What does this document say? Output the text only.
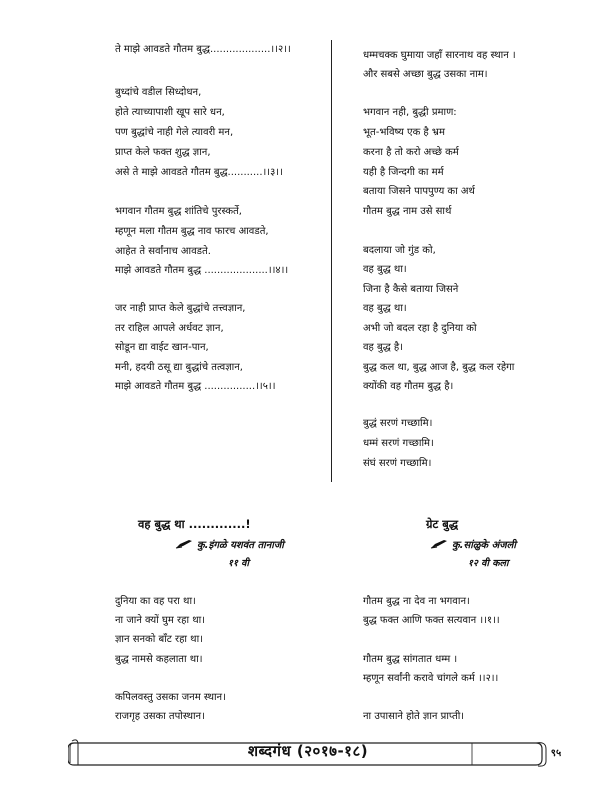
ते माझे आवडते गौतम बुद्ध...................।।२।।
बुध्दांचे वडील सिध्दोधन,
होते त्याच्यापाशी खूप सारे धन,
पण बुद्धांचे नाही गेले त्यावरी मन,
प्राप्त केले फक्त शुद्ध ज्ञान,
असे ते माझे आवडते गौतम बुद्ध...........।।३।।
भगवान गौतम बुद्ध शांतिचे पुरस्कर्ते,
म्हणून मला गौतम बुद्ध नाव फारच आवडते,
आहेत ते सर्वांनाच आवडते.
माझे आवडते गौतम बुद्ध ....................।।४।।
जर नाही प्राप्त केले बुद्धांचे तत्त्वज्ञान,
तर राहिल आपले अर्धवट ज्ञान,
सोडून द्या वाईट खान-पान,
मनी, हदयी ठसू द्या बुद्धांचे तत्वज्ञान,
माझे आवडते गौतम बुद्ध ................।।५।।
धम्मचक्क घुमाया जहाँ सारनाथ वह स्थान ।
और सबसे अच्छा बुद्ध उसका नाम।
भगवान नही, बुद्धी प्रमाण:
भूत-भविष्य एक है भ्रम
करना है तो करो अच्छे कर्म
यही है जिन्दगी का मर्म
बताया जिसने पापपुण्य का अर्थ
गौतम बुद्ध नाम उसे सार्थ
बदलाया जो गुंड को,
वह बुद्ध था।
जिना है कैसे बताया जिसने
वह बुद्ध था।
अभी जो बदल रहा है दुनिया को
वह बुद्ध है।
बुद्ध कल था, बुद्ध आज है, बुद्ध कल रहेगा
क्योंकी वह गौतम बुद्ध है।
बुद्धं सरणं गच्छामि।
धम्मं सरणं गच्छामि।
संघं सरणं गच्छामि।
वह बुद्ध था .............!
कु.इंगळे यशवंत तानाजी
११ वी
दुनिया का वह परा था।
ना जाने क्यों घुम रहा था।
ज्ञान सनको बाँट रहा था।
बुद्ध नामसे कहलाता था।
कपिलवस्तु उसका जनम स्थान।
राजगृह उसका तपोस्थान।
ग्रेट बुद्ध
कु.सांळुके अंजली
१२ वी कला
गौतम बुद्ध ना देव ना भगवान।
बुद्ध फक्त आणि फक्त सत्यवान ।।१।।
गौतम बुद्ध सांगतात धम्म ।
म्हणून सर्वांनी करावे चांगले कर्म ।।२।।
ना उपासाने होते ज्ञान प्राप्ती।
शब्दगंध (२०१७-१८)	९५
